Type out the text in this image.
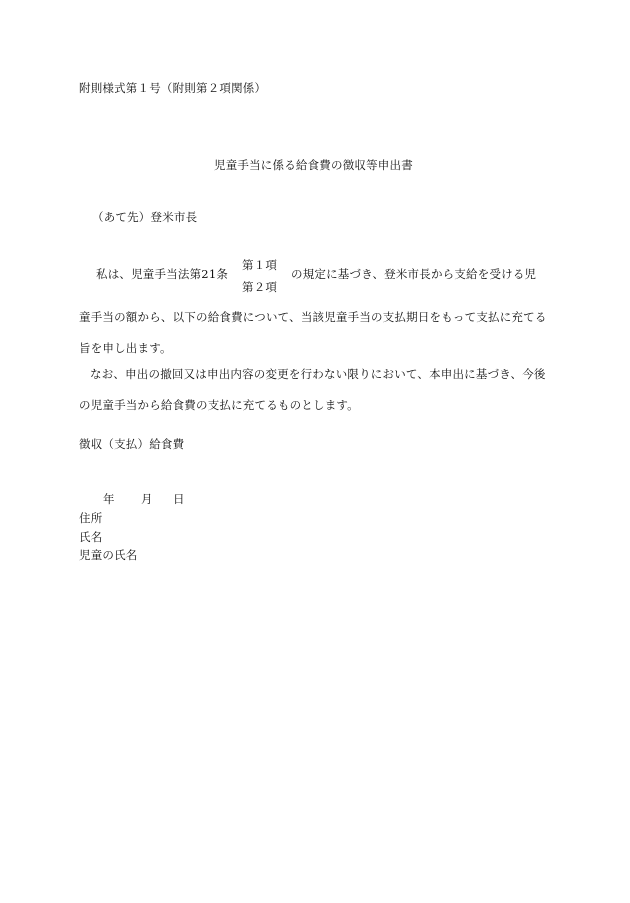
附則様式第１号（附則第２項関係）
児童手当に係る給食費の徴収等申出書
（あて先）登米市長
私は、児童手当法第21条
第１項
第２項
の規定に基づき、登米市長から支給を受ける児
童手当の額から、以下の給食費について、当該児童手当の支払期日をもって支払に充てる
旨を申し出ます。
なお、申出の撤回又は申出内容の変更を行わない限りにおいて、本申出に基づき、今後
の児童手当から給食費の支払に充てるものとします。
徴収（支払）給食費
年 月 日
住所
氏名
児童の氏名
